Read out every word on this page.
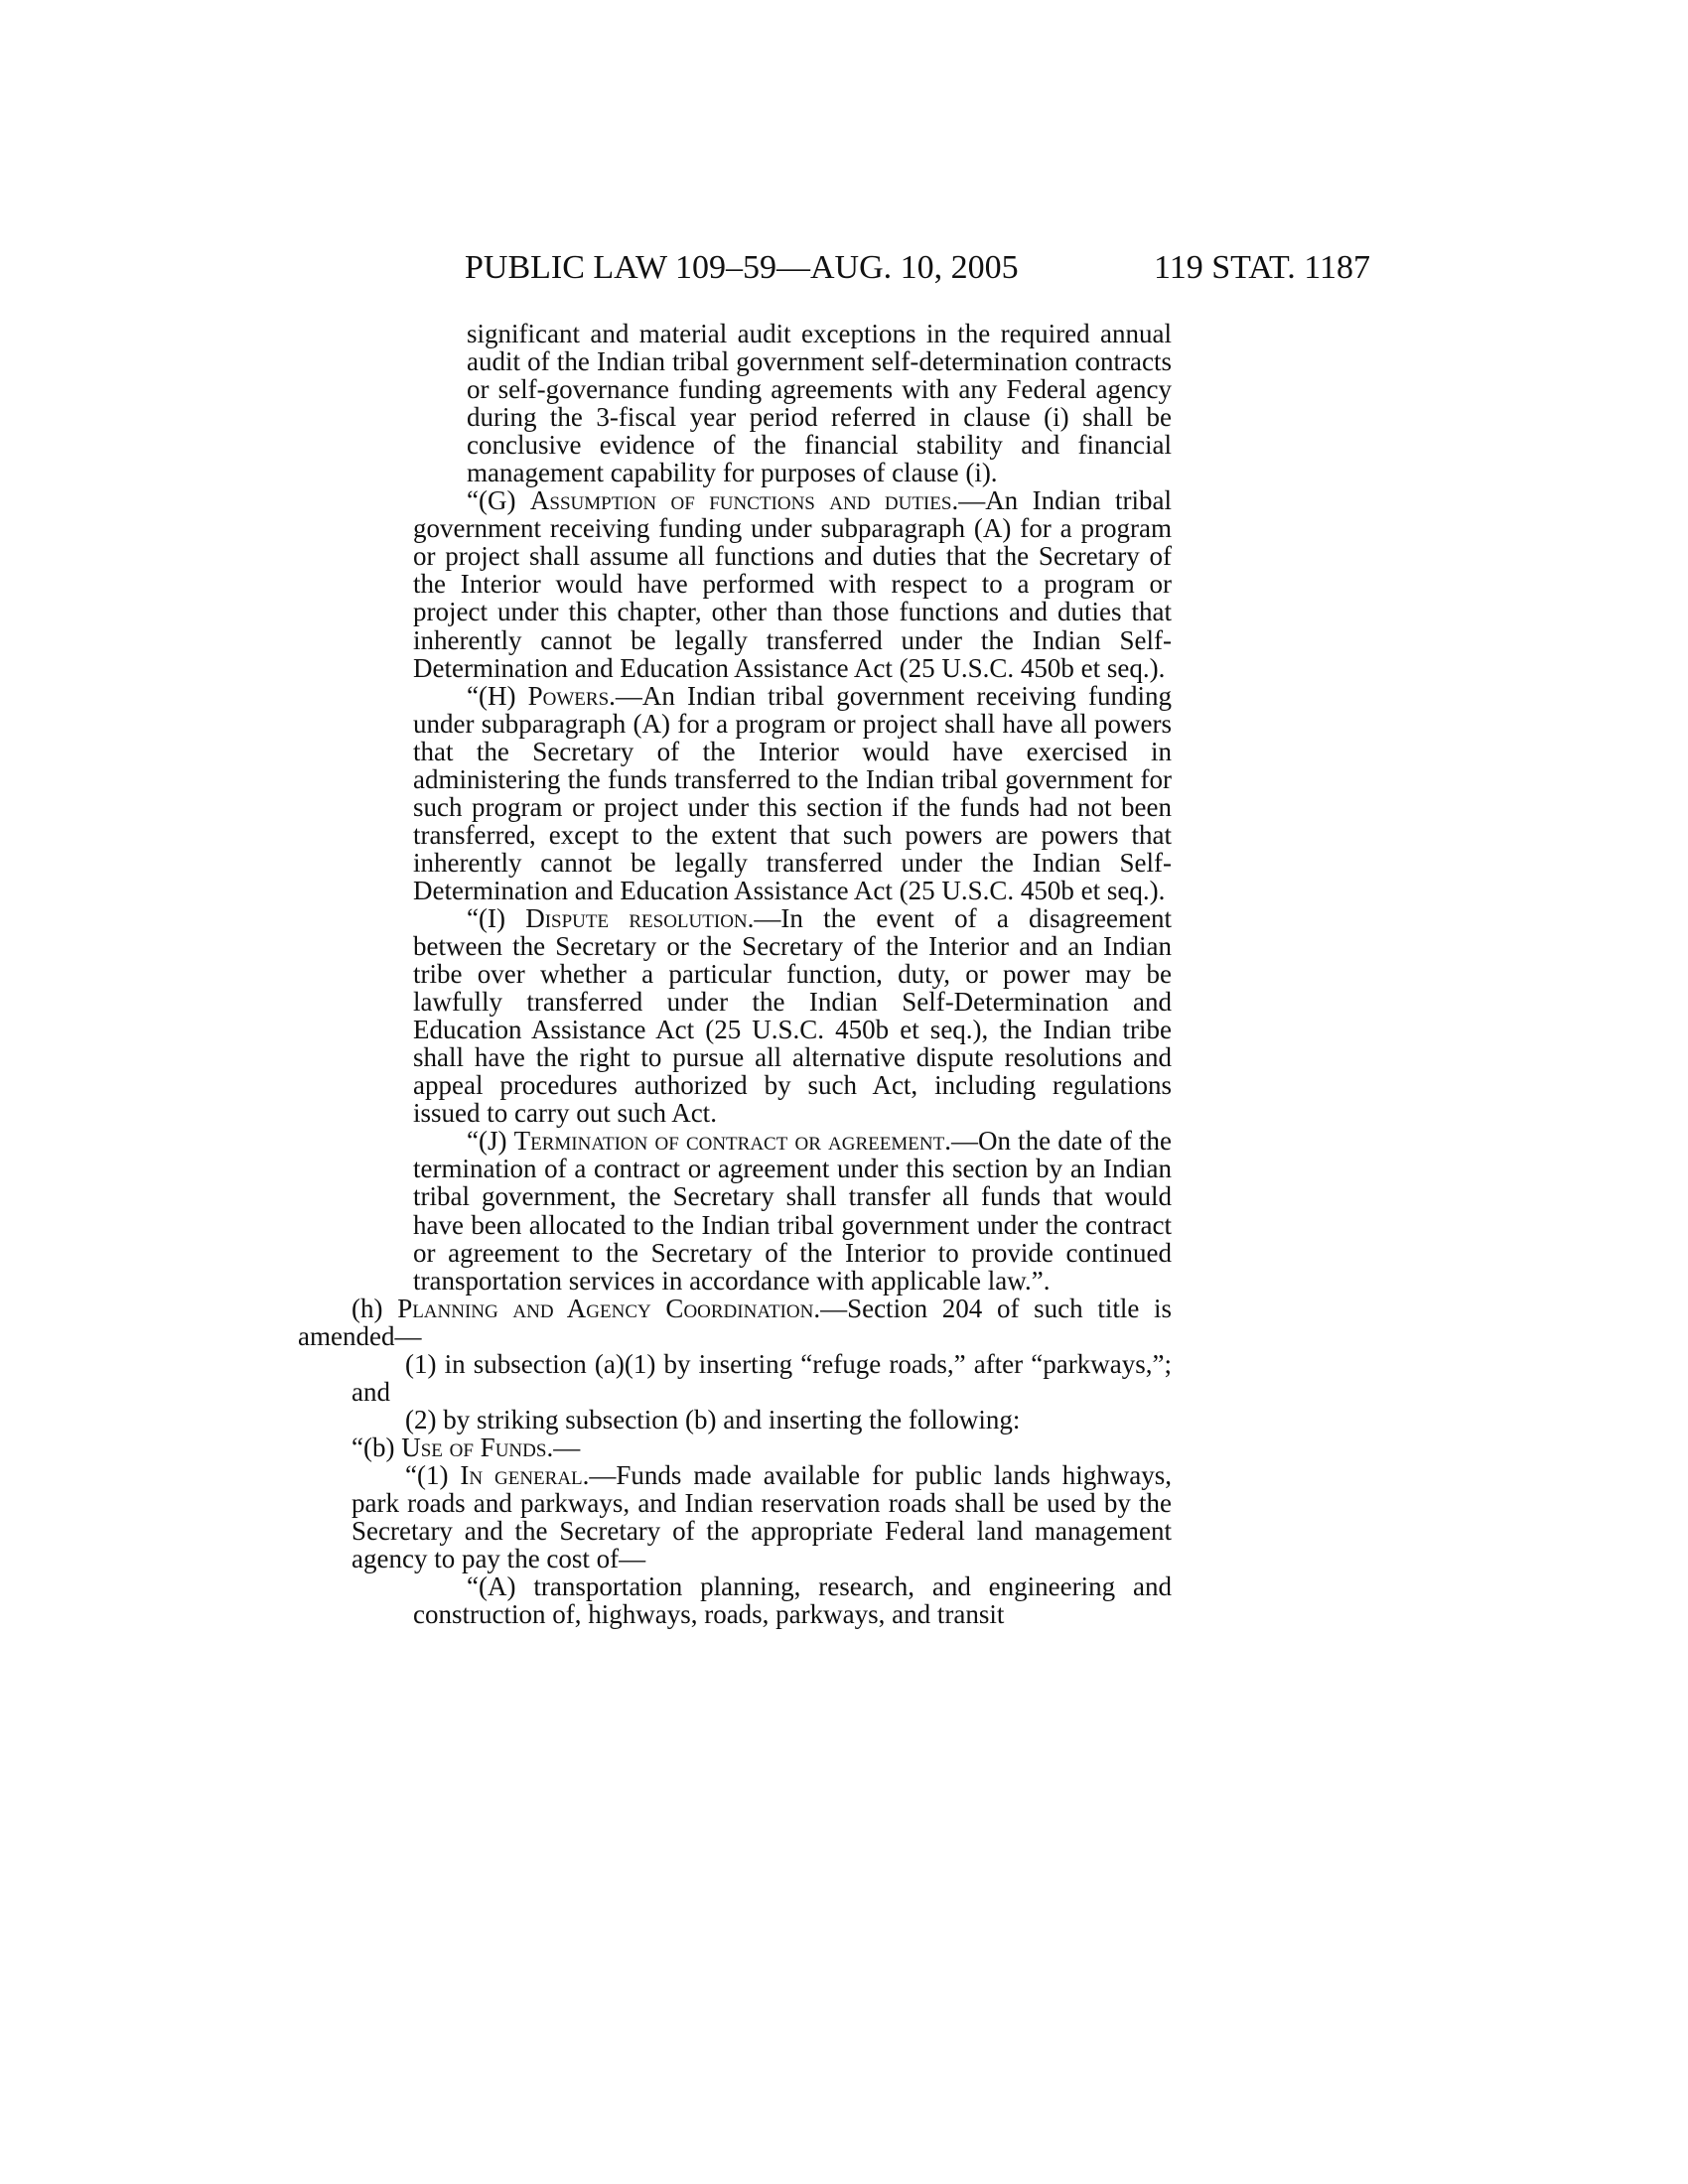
PUBLIC LAW 109–59—AUG. 10, 2005	119 STAT. 1187

significant and material audit exceptions in the required annual audit of the Indian tribal government self-determination contracts or self-governance funding agreements with any Federal agency during the 3-fiscal year period referred in clause (i) shall be conclusive evidence of the financial stability and financial management capability for purposes of clause (i).

“(G) Assumption of functions and duties.—An Indian tribal government receiving funding under subparagraph (A) for a program or project shall assume all functions and duties that the Secretary of the Interior would have performed with respect to a program or project under this chapter, other than those functions and duties that inherently cannot be legally transferred under the Indian Self-Determination and Education Assistance Act (25 U.S.C. 450b et seq.).

“(H) Powers.—An Indian tribal government receiving funding under subparagraph (A) for a program or project shall have all powers that the Secretary of the Interior would have exercised in administering the funds transferred to the Indian tribal government for such program or project under this section if the funds had not been transferred, except to the extent that such powers are powers that inherently cannot be legally transferred under the Indian Self-Determination and Education Assistance Act (25 U.S.C. 450b et seq.).

“(I) Dispute resolution.—In the event of a disagreement between the Secretary or the Secretary of the Interior and an Indian tribe over whether a particular function, duty, or power may be lawfully transferred under the Indian Self-Determination and Education Assistance Act (25 U.S.C. 450b et seq.), the Indian tribe shall have the right to pursue all alternative dispute resolutions and appeal procedures authorized by such Act, including regulations issued to carry out such Act.

“(J) Termination of contract or agreement.—On the date of the termination of a contract or agreement under this section by an Indian tribal government, the Secretary shall transfer all funds that would have been allocated to the Indian tribal government under the contract or agreement to the Secretary of the Interior to provide continued transportation services in accordance with applicable law.”.

(h) Planning and Agency Coordination.—Section 204 of such title is amended—

(1) in subsection (a)(1) by inserting “refuge roads,” after “parkways,”; and

(2) by striking subsection (b) and inserting the following:

“(b) Use of Funds.—

“(1) In general.—Funds made available for public lands highways, park roads and parkways, and Indian reservation roads shall be used by the Secretary and the Secretary of the appropriate Federal land management agency to pay the cost of—

“(A) transportation planning, research, and engineering and construction of, highways, roads, parkways, and transit
